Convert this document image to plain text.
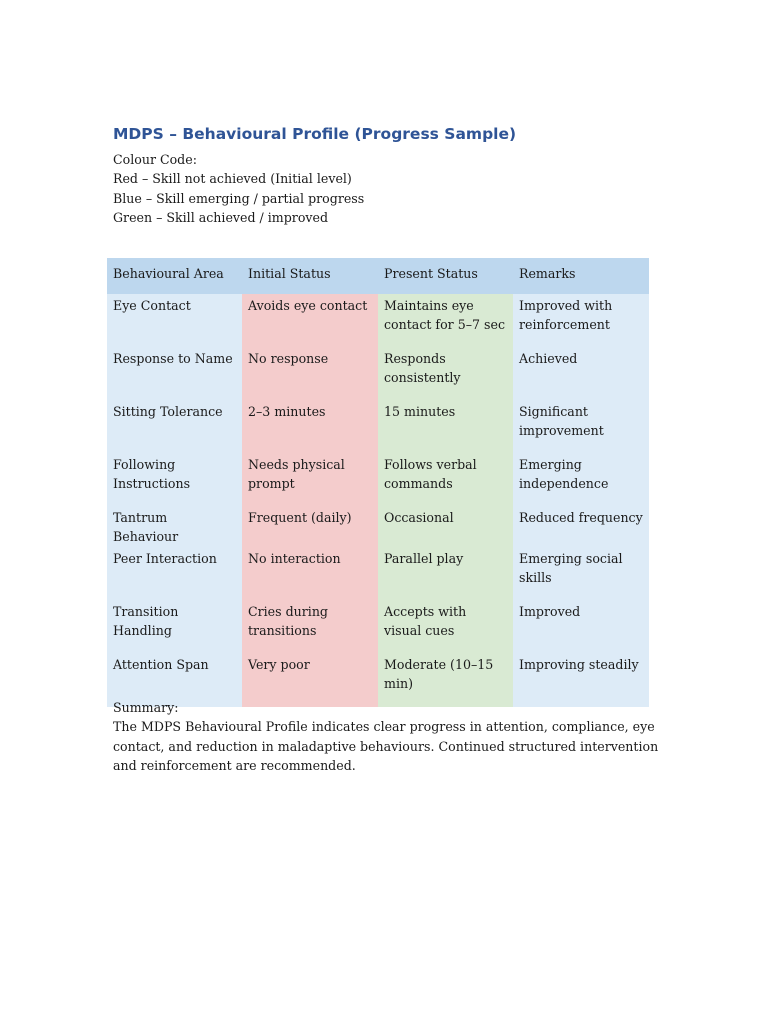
MDPS – Behavioural Profile (Progress Sample)
Colour Code:
Red – Skill not achieved (Initial level)
Blue – Skill emerging / partial progress
Green – Skill achieved / improved
Behavioural Area	Initial Status	Present Status	Remarks
Eye Contact	Avoids eye contact	Maintains eye contact for 5–7 sec	Improved with reinforcement
Response to Name	No response	Responds consistently	Achieved
Sitting Tolerance	2–3 minutes	15 minutes	Significant improvement
Following Instructions	Needs physical prompt	Follows verbal commands	Emerging independence
Tantrum Behaviour	Frequent (daily)	Occasional	Reduced frequency
Peer Interaction	No interaction	Parallel play	Emerging social skills
Transition Handling	Cries during transitions	Accepts with visual cues	Improved
Attention Span	Very poor	Moderate (10–15 min)	Improving steadily
Summary:
The MDPS Behavioural Profile indicates clear progress in attention, compliance, eye contact, and reduction in maladaptive behaviours. Continued structured intervention and reinforcement are recommended.
